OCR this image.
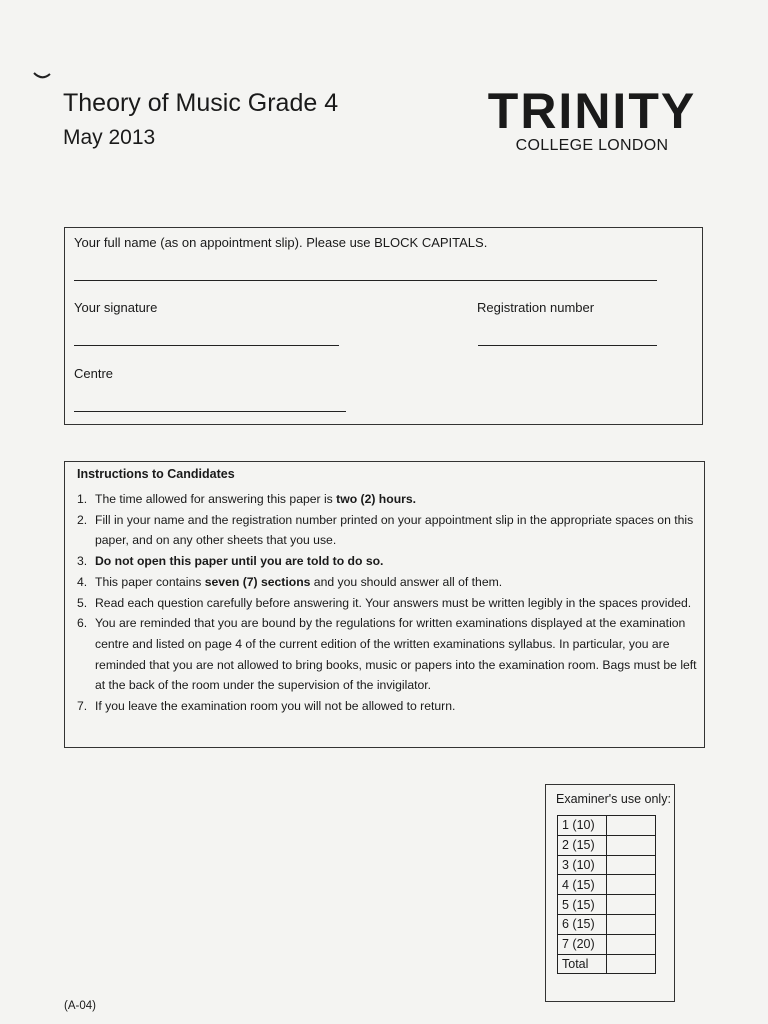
Theory of Music Grade 4
May 2013	TRINITY
COLLEGE LONDON
Your full name (as on appointment slip). Please use BLOCK CAPITALS.
Your signature	Registration number
Centre
Instructions to Candidates
1. The time allowed for answering this paper is two (2) hours.
2. Fill in your name and the registration number printed on your appointment slip in the appropriate spaces on this paper, and on any other sheets that you use.
3. Do not open this paper until you are told to do so.
4. This paper contains seven (7) sections and you should answer all of them.
5. Read each question carefully before answering it. Your answers must be written legibly in the spaces provided.
6. You are reminded that you are bound by the regulations for written examinations displayed at the examination centre and listed on page 4 of the current edition of the written examinations syllabus. In particular, you are reminded that you are not allowed to bring books, music or papers into the examination room. Bags must be left at the back of the room under the supervision of the invigilator.
7. If you leave the examination room you will not be allowed to return.
Examiner's use only:
1 (10)	
2 (15)	
3 (10)	
4 (15)	
5 (15)	
6 (15)	
7 (20)	
Total	
(A-04)
